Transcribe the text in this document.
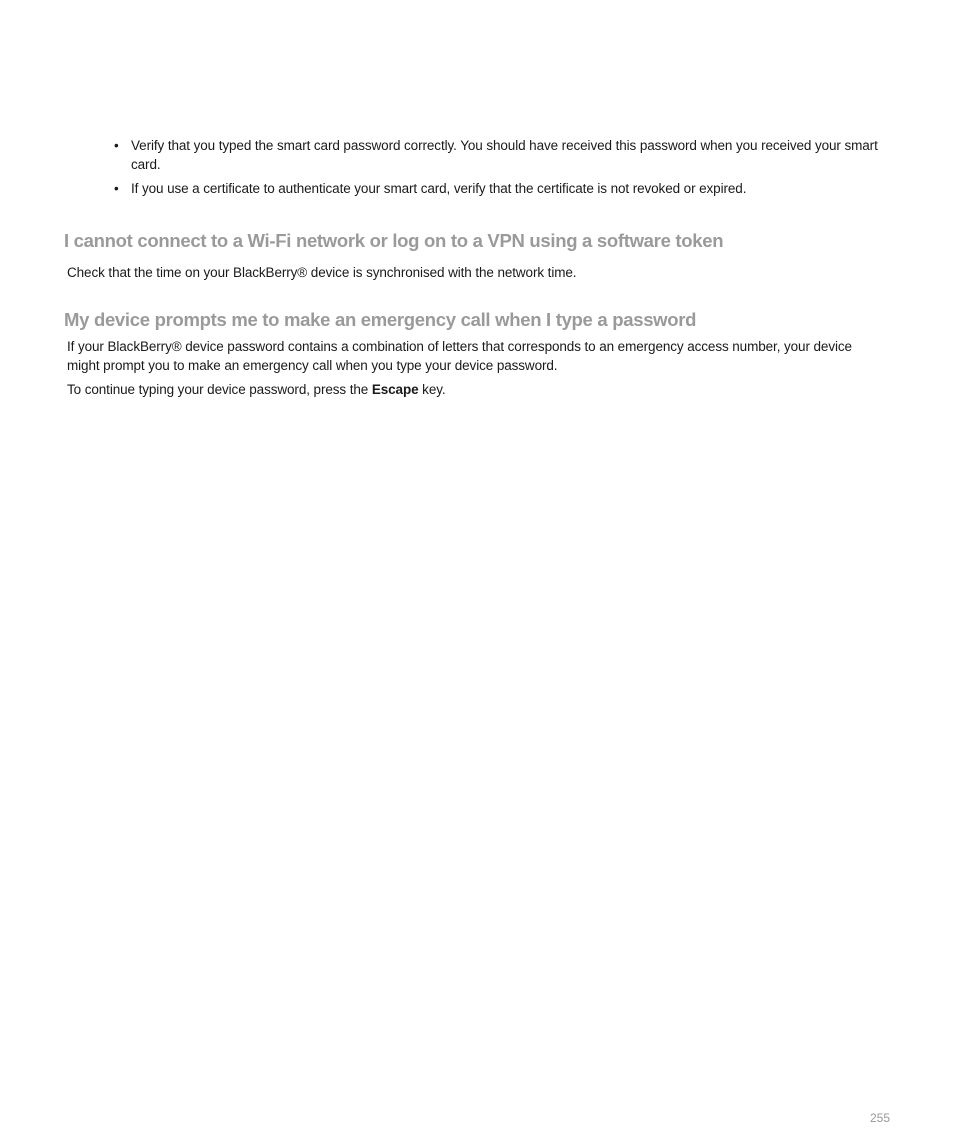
• Verify that you typed the smart card password correctly. You should have received this password when you received your smart card.
• If you use a certificate to authenticate your smart card, verify that the certificate is not revoked or expired.
I cannot connect to a Wi-Fi network or log on to a VPN using a software token

Check that the time on your BlackBerry® device is synchronised with the network time.

My device prompts me to make an emergency call when I type a password

If your BlackBerry® device password contains a combination of letters that corresponds to an emergency access number, your device might prompt you to make an emergency call when you type your device password.

To continue typing your device password, press the Escape key.

255
